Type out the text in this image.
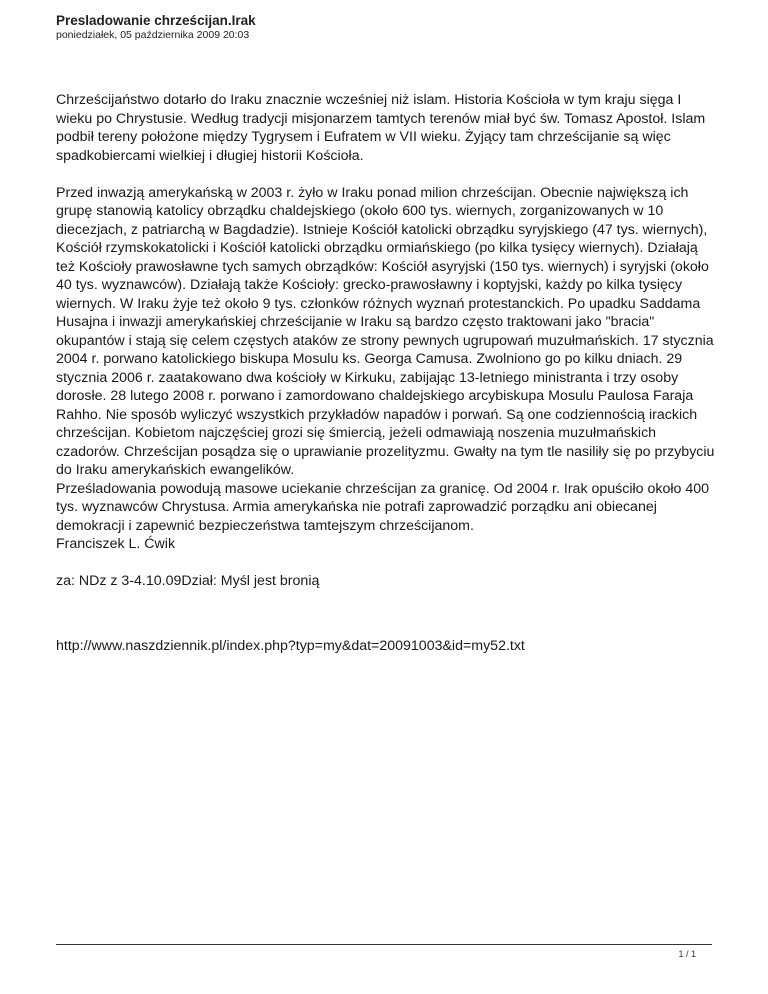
Presladowanie chrześcijan.Irak
poniedziałek, 05 października 2009 20:03

Chrześcijaństwo dotarło do Iraku znacznie wcześniej niż islam. Historia Kościoła w tym kraju sięga I wieku po Chrystusie. Według tradycji misjonarzem tamtych terenów miał być św. Tomasz Apostoł. Islam podbił tereny położone między Tygrysem i Eufratem w VII wieku. Żyjący tam chrześcijanie są więc spadkobiercami wielkiej i długiej historii Kościoła.

Przed inwazją amerykańską w 2003 r. żyło w Iraku ponad milion chrześcijan. Obecnie największą ich grupę stanowią katolicy obrządku chaldejskiego (około 600 tys. wiernych, zorganizowanych w 10 diecezjach, z patriarchą w Bagdadzie). Istnieje Kościół katolicki obrządku syryjskiego (47 tys. wiernych), Kościół rzymskokatolicki i Kościół katolicki obrządku ormiańskiego (po kilka tysięcy wiernych). Działają też Kościoły prawosławne tych samych obrządków: Kościół asyryjski (150 tys. wiernych) i syryjski (około 40 tys. wyznawców). Działają także Kościoły: grecko-prawosławny i koptyjski, każdy po kilka tysięcy wiernych. W Iraku żyje też około 9 tys. członków różnych wyznań protestanckich. Po upadku Saddama Husajna i inwazji amerykańskiej chrześcijanie w Iraku są bardzo często traktowani jako "bracia" okupantów i stają się celem częstych ataków ze strony pewnych ugrupowań muzułmańskich. 17 stycznia 2004 r. porwano katolickiego biskupa Mosulu ks. Georga Camusa. Zwolniono go po kilku dniach. 29 stycznia 2006 r. zaatakowano dwa kościoły w Kirkuku, zabijając 13-letniego ministranta i trzy osoby dorosłe. 28 lutego 2008 r. porwano i zamordowano chaldejskiego arcybiskupa Mosulu Paulosa Faraja Rahho. Nie sposób wyliczyć wszystkich przykładów napadów i porwań. Są one codziennością irackich chrześcijan. Kobietom najczęściej grozi się śmiercią, jeżeli odmawiają noszenia muzułmańskich czadorów. Chrześcijan posądza się o uprawianie prozelityzmu. Gwałty na tym tle nasiliły się po przybyciu do Iraku amerykańskich ewangelików.

Prześladowania powodują masowe uciekanie chrześcijan za granicę. Od 2004 r. Irak opuściło około 400 tys. wyznawców Chrystusa. Armia amerykańska nie potrafi zaprowadzić porządku ani obiecanej demokracji i zapewnić bezpieczeństwa tamtejszym chrześcijanom.

Franciszek L. Ćwik

za: NDz z 3-4.10.09Dział: Myśl jest bronią

http://www.naszdziennik.pl/index.php?typ=my&dat=20091003&id=my52.txt

1 / 1
